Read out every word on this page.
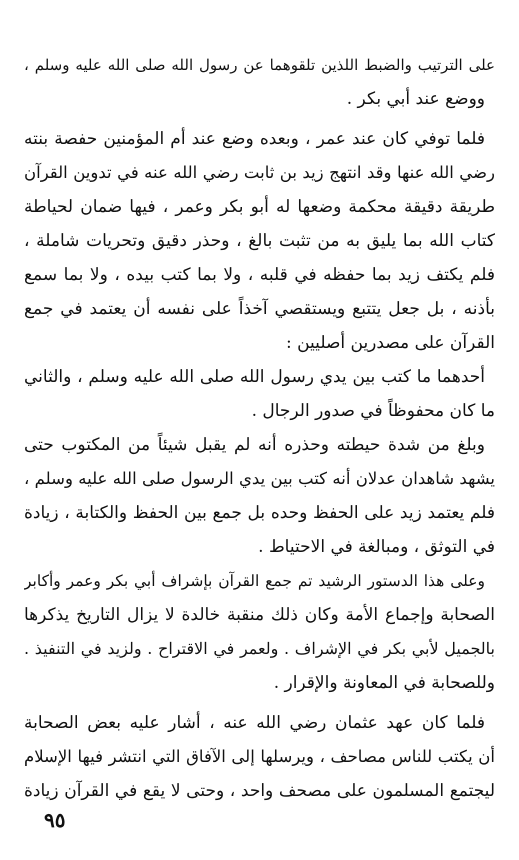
على الترتيب والضبط اللذين تلقوهما عن رسول الله صلى الله عليه وسلم ،
ووضع عند أبي بكر .
فلما توفي كان عند عمر ، وبعده وضع عند أم المؤمنين حفصة بنته
رضي الله عنها وقد انتهج زيد بن ثابت رضي الله عنه في تدوين القرآن
طريقة دقيقة محكمة وضعها له أبو بكر وعمر ، فيها ضمان لحياطة
كتاب الله بما يليق به من تثبت بالغ ، وحذر دقيق وتحريات شاملة ،
فلم يكتف زيد بما حفظه في قلبه ، ولا بما كتب بيده ، ولا بما سمع
بأذنه ، بل جعل يتتبع ويستقصي آخذاً على نفسه أن يعتمد في جمع
القرآن على مصدرين أصليين :
أحدهما ما كتب بين يدي رسول الله صلى الله عليه وسلم ، والثاني
ما كان محفوظاً في صدور الرجال .
وبلغ من شدة حيطته وحذره أنه لم يقبل شيئاً من المكتوب حتى
يشهد شاهدان عدلان أنه كتب بين يدي الرسول صلى الله عليه وسلم ،
فلم يعتمد زيد على الحفظ وحده بل جمع بين الحفظ والكتابة ، زيادة
في التوثق ، ومبالغة في الاحتياط .
وعلى هذا الدستور الرشيد تم جمع القرآن بإشراف أبي بكر وعمر وأكابر
الصحابة وإجماع الأمة وكان ذلك منقبة خالدة لا يزال التاريخ يذكرها
بالجميل لأبي بكر في الإشراف . ولعمر في الاقتراح . ولزيد في التنفيذ .
وللصحابة في المعاونة والإقرار .
فلما كان عهد عثمان رضي الله عنه ، أشار عليه بعض الصحابة
أن يكتب للناس مصاحف ، ويرسلها إلى الآفاق التي انتشر فيها الإسلام
ليجتمع المسلمون على مصحف واحد ، وحتى لا يقع في القرآن زيادة
٩٥
